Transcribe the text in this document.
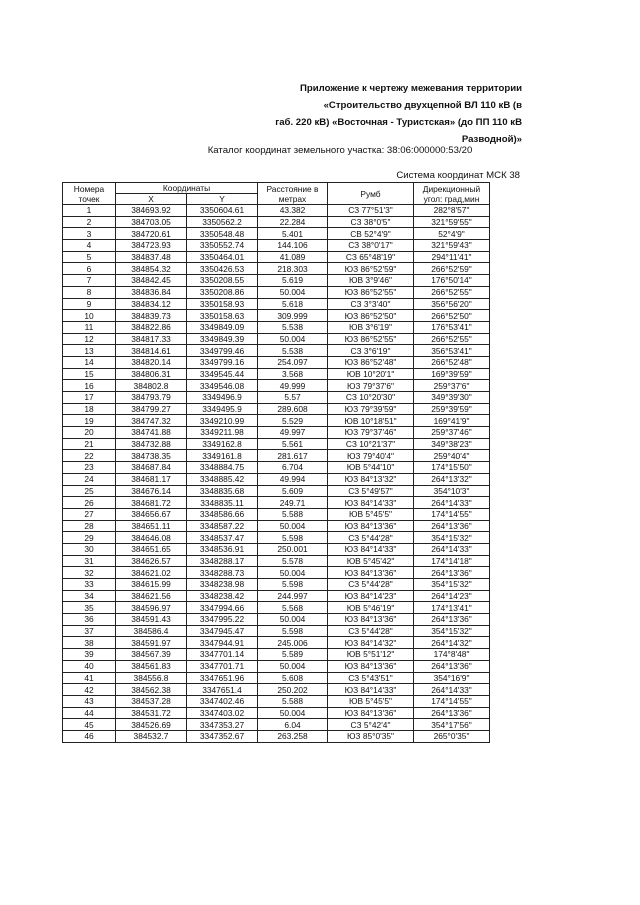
Приложение к чертежу межевания территории
«Строительство двухцепной ВЛ 110 кВ (в
габ. 220 кВ) «Восточная - Туристская» (до ПП 110 кВ
Разводной)»
Каталог координат земельного участка: 38:06:000000:53/20
Система координат МСК 38
Номера точек	Координаты		Расстояние в метрах	Румб	Дирекционный угол: град,мин
	X	Y			
1	384693.92	3350604.61	43.382	СЗ 77°51'3"	282°8'57"
2	384703.05	3350562.2	22.284	СЗ 38°0'5"	321°59'55"
3	384720.61	3350548.48	5.401	СВ 52°4'9"	52°4'9"
4	384723.93	3350552.74	144.106	СЗ 38°0'17"	321°59'43"
5	384837.48	3350464.01	41.089	СЗ 65°48'19"	294°11'41"
6	384854.32	3350426.53	218.303	ЮЗ 86°52'59"	266°52'59"
7	384842.45	3350208.55	5.619	ЮВ 3°9'46"	176°50'14"
8	384836.84	3350208.86	50.004	ЮЗ 86°52'55"	266°52'55"
9	384834.12	3350158.93	5.618	СЗ 3°3'40"	356°56'20"
10	384839.73	3350158.63	309.999	ЮЗ 86°52'50"	266°52'50"
11	384822.86	3349849.09	5.538	ЮВ 3°6'19"	176°53'41"
12	384817.33	3349849.39	50.004	ЮЗ 86°52'55"	266°52'55"
13	384814.61	3349799.46	5.538	СЗ 3°6'19"	356°53'41"
14	384820.14	3349799.16	254.097	ЮЗ 86°52'48"	266°52'48"
15	384806.31	3349545.44	3.568	ЮВ 10°20'1"	169°39'59"
16	384802.8	3349546.08	49.999	ЮЗ 79°37'6"	259°37'6"
17	384793.79	3349496.9	5.57	СЗ 10°20'30"	349°39'30"
18	384799.27	3349495.9	289.608	ЮЗ 79°39'59"	259°39'59"
19	384747.32	3349210.99	5.529	ЮВ 10°18'51"	169°41'9"
20	384741.88	3349211.98	49.997	ЮЗ 79°37'46"	259°37'46"
21	384732.88	3349162.8	5.561	СЗ 10°21'37"	349°38'23"
22	384738.35	3349161.8	281.617	ЮЗ 79°40'4"	259°40'4"
23	384687.84	3348884.75	6.704	ЮВ 5°44'10"	174°15'50"
24	384681.17	3348885.42	49.994	ЮЗ 84°13'32"	264°13'32"
25	384676.14	3348835.68	5.609	СЗ 5°49'57"	354°10'3"
26	384681.72	3348835.11	249.71	ЮЗ 84°14'33"	264°14'33"
27	384656.67	3348586.66	5.588	ЮВ 5°45'5"	174°14'55"
28	384651.11	3348587.22	50.004	ЮЗ 84°13'36"	264°13'36"
29	384646.08	3348537.47	5.598	СЗ 5°44'28"	354°15'32"
30	384651.65	3348536.91	250.001	ЮЗ 84°14'33"	264°14'33"
31	384626.57	3348288.17	5.578	ЮВ 5°45'42"	174°14'18"
32	384621.02	3348288.73	50.004	ЮЗ 84°13'36"	264°13'36"
33	384615.99	3348238.98	5.598	СЗ 5°44'28"	354°15'32"
34	384621.56	3348238.42	244.997	ЮЗ 84°14'23"	264°14'23"
35	384596.97	3347994.66	5.568	ЮВ 5°46'19"	174°13'41"
36	384591.43	3347995.22	50.004	ЮЗ 84°13'36"	264°13'36"
37	384586.4	3347945.47	5.598	СЗ 5°44'28"	354°15'32"
38	384591.97	3347944.91	245.006	ЮЗ 84°14'32"	264°14'32"
39	384567.39	3347701.14	5.589	ЮВ 5°51'12"	174°8'48"
40	384561.83	3347701.71	50.004	ЮЗ 84°13'36"	264°13'36"
41	384556.8	3347651.96	5.608	СЗ 5°43'51"	354°16'9"
42	384562.38	3347651.4	250.202	ЮЗ 84°14'33"	264°14'33"
43	384537.28	3347402.46	5.588	ЮВ 5°45'5"	174°14'55"
44	384531.72	3347403.02	50.004	ЮЗ 84°13'36"	264°13'36"
45	384526.69	3347353.27	6.04	СЗ 5°42'4"	354°17'56"
46	384532.7	3347352.67	263.258	ЮЗ 85°0'35"	265°0'35"
